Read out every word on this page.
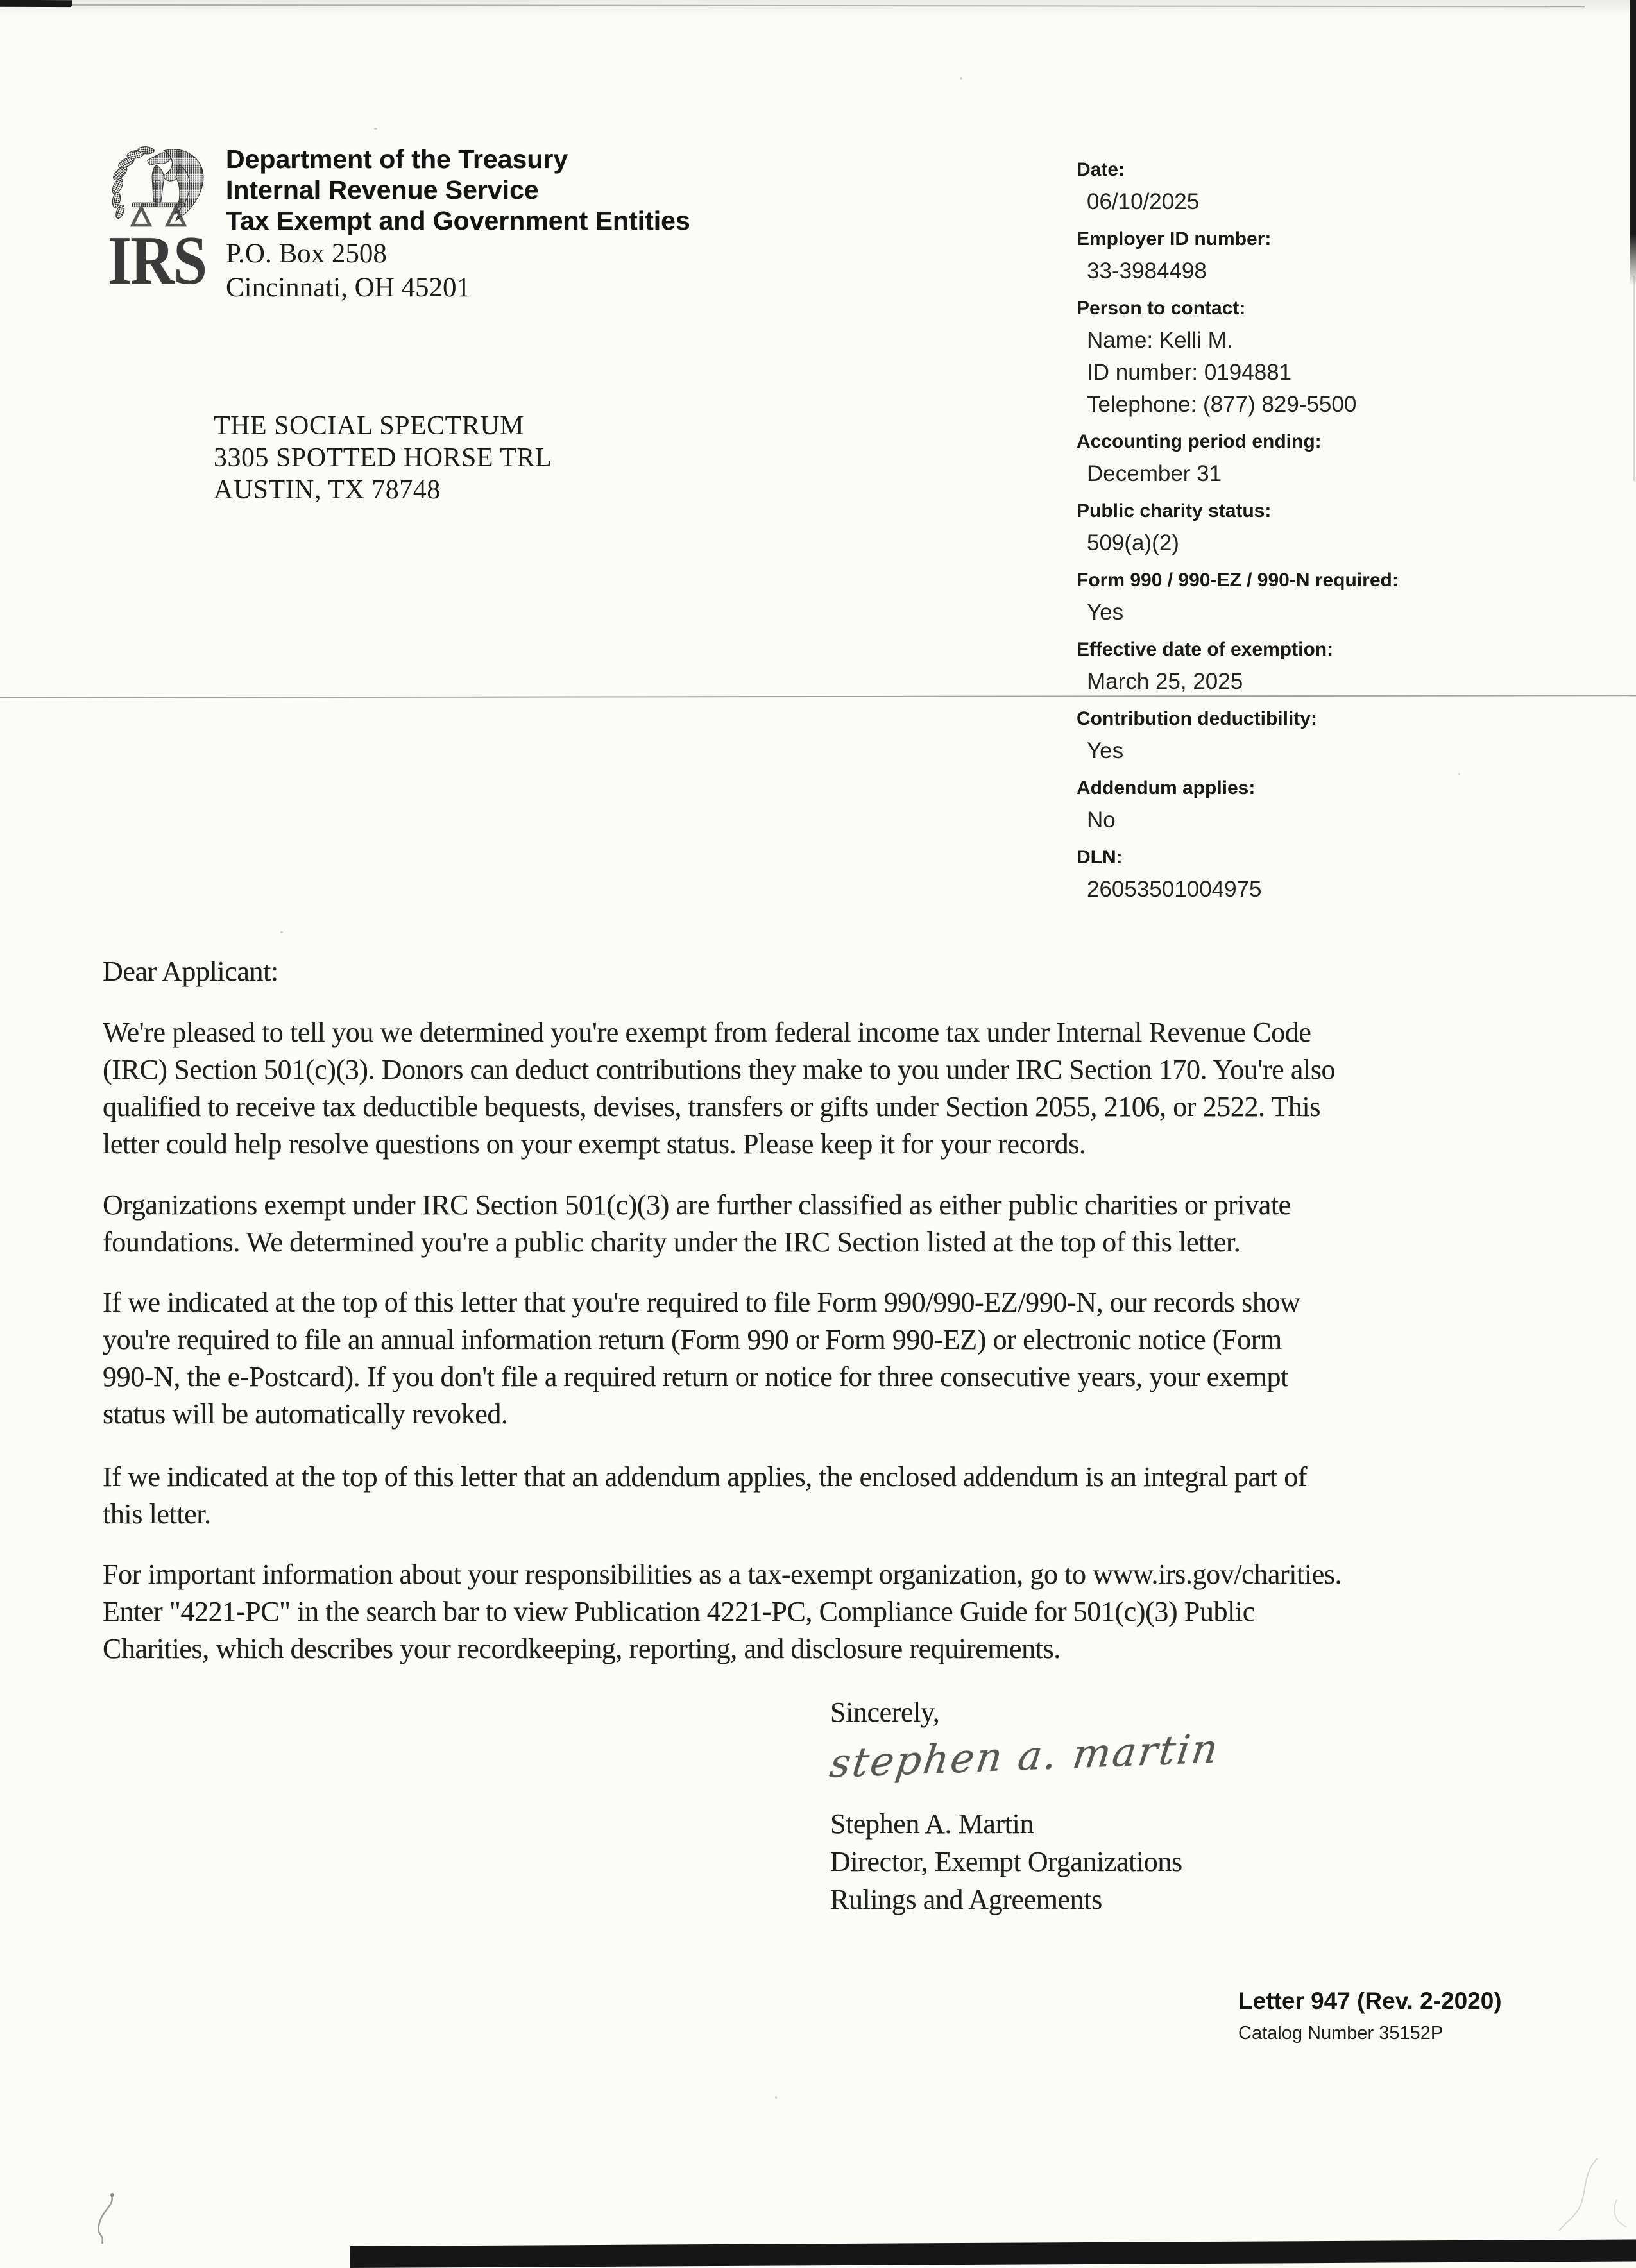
IRS
Department of the Treasury
Internal Revenue Service
Tax Exempt and Government Entities
P.O. Box 2508
Cincinnati, OH 45201
THE SOCIAL SPECTRUM
3305 SPOTTED HORSE TRL
AUSTIN, TX 78748
Date:
06/10/2025
Employer ID number:
33-3984498
Person to contact:
Name: Kelli M.
ID number: 0194881
Telephone: (877) 829-5500
Accounting period ending:
December 31
Public charity status:
509(a)(2)
Form 990 / 990-EZ / 990-N required:
Yes
Effective date of exemption:
March 25, 2025
Contribution deductibility:
Yes
Addendum applies:
No
DLN:
26053501004975
Dear Applicant:
We're pleased to tell you we determined you're exempt from federal income tax under Internal Revenue Code
(IRC) Section 501(c)(3). Donors can deduct contributions they make to you under IRC Section 170. You're also
qualified to receive tax deductible bequests, devises, transfers or gifts under Section 2055, 2106, or 2522. This
letter could help resolve questions on your exempt status. Please keep it for your records.
Organizations exempt under IRC Section 501(c)(3) are further classified as either public charities or private
foundations. We determined you're a public charity under the IRC Section listed at the top of this letter.
If we indicated at the top of this letter that you're required to file Form 990/990-EZ/990-N, our records show
you're required to file an annual information return (Form 990 or Form 990-EZ) or electronic notice (Form
990-N, the e-Postcard). If you don't file a required return or notice for three consecutive years, your exempt
status will be automatically revoked.
If we indicated at the top of this letter that an addendum applies, the enclosed addendum is an integral part of
this letter.
For important information about your responsibilities as a tax-exempt organization, go to www.irs.gov/charities.
Enter "4221-PC" in the search bar to view Publication 4221-PC, Compliance Guide for 501(c)(3) Public
Charities, which describes your recordkeeping, reporting, and disclosure requirements.
Sincerely,
stephen a. martin
Stephen A. Martin
Director, Exempt Organizations
Rulings and Agreements
Letter 947 (Rev. 2-2020)
Catalog Number 35152P
